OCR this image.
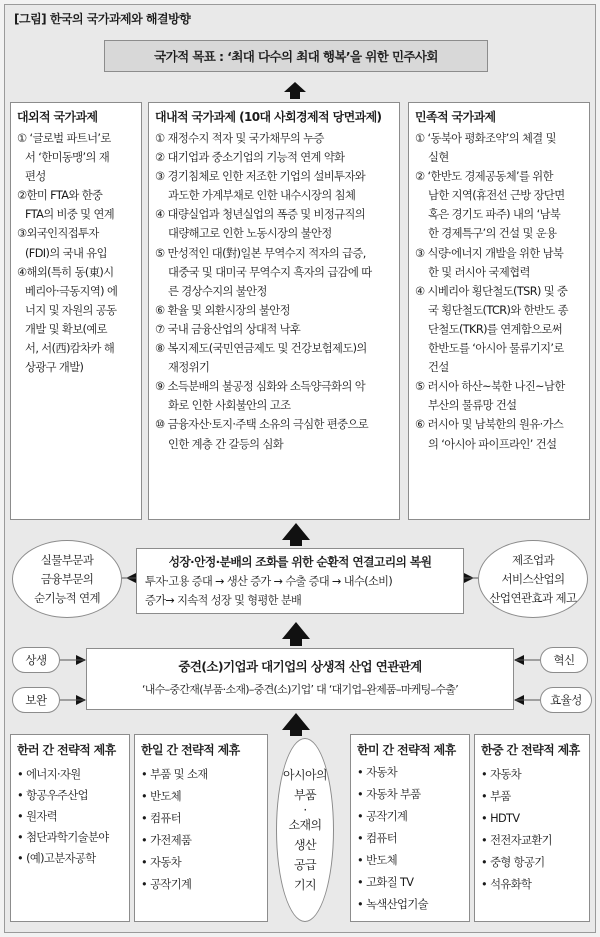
[그림] 한국의 국가과제와 해결방향
국가적 목표 : ‘최대 다수의 최대 행복’을 위한 민주사회
대외적 국가과제
① ‘글로벌 파트너’로
서 ‘한미동맹’의 재
편성
②한미 FTA와 한중
FTA의 비중 및 연계
③외국인직접투자
(FDI)의 국내 유입
④해외(특히 동(東)시
베리아·극동지역) 에
너지 및 자원의 공동
개발 및 확보(예로
서, 서(西)캄차카 해
상광구 개발)
대내적 국가과제 (10대 사회경제적 당면과제)
① 재정수지 적자 및 국가채무의 누증
② 대기업과 중소기업의 기능적 연계 약화
③ 경기침체로 인한 저조한 기업의 설비투자와
과도한 가계부채로 인한 내수시장의 침체
④ 대량실업과 청년실업의 폭증 및 비정규직의
대량해고로 인한 노동시장의 불안정
⑤ 만성적인 대(對)일본 무역수지 적자의 급증,
대중국 및 대미국 무역수지 흑자의 급감에 따
른 경상수지의 불안정
⑥ 환율 및 외환시장의 불안정
⑦ 국내 금융산업의 상대적 낙후
⑧ 복지제도(국민연금제도 및 건강보험제도)의
재정위기
⑨ 소득분배의 불공정 심화와 소득양극화의 악
화로 인한 사회불안의 고조
⑩ 금융자산·토지·주택 소유의 극심한 편중으로
인한 계층 간 갈등의 심화
민족적 국가과제
① ‘동북아 평화조약’의 체결 및
실현
② ‘한반도 경제공동체’를 위한
남한 지역(휴전선 근방 장단면
혹은 경기도 파주) 내의 ‘남북
한 경제특구’의 건설 및 운용
③ 식량·에너지 개발을 위한 남북
한 및 러시아 국제협력
④ 시베리아 횡단철도(TSR) 및 중
국 횡단철도(TCR)와 한반도 종
단철도(TKR)를 연계함으로써
한반도를 ‘아시아 물류기지’로
건설
⑤ 러시아 하산~북한 나진~남한
부산의 물류망 건설
⑥ 러시아 및 남북한의 원유·가스
의 ‘아시아 파이프라인’ 건설
실물부문과
금융부문의
순기능적 연계
성장·안정·분배의 조화를 위한 순환적 연결고리의 복원
투자·고용 증대 → 생산 증가 → 수출 증대 → 내수(소비)
증가→ 지속적 성장 및 형평한 분배
제조업과
서비스산업의
산업연관효과 제고
상생
보완
혁신
효율성
중견(소)기업과 대기업의 상생적 산업 연관관계
‘내수–중간재(부품·소재)–중견(소)기업’ 대 ‘대기업–완제품–마케팅–수출’
한러 간 전략적 제휴
• 에너지·자원
• 항공우주산업
• 원자력
• 첨단과학기술분야
• (예)고분자공학
한일 간 전략적 제휴
• 부품 및 소재
• 반도체
• 컴퓨터
• 가전제품
• 자동차
• 공작기계
아시아의
부품
·
소재의
생산
공급
기지
한미 간 전략적 제휴
• 자동차
• 자동차 부품
• 공작기계
• 컴퓨터
• 반도체
• 고화질 TV
• 녹색산업기술
한중 간 전략적 제휴
• 자동차
• 부품
• HDTV
• 전전자교환기
• 중형 항공기
• 석유화학
